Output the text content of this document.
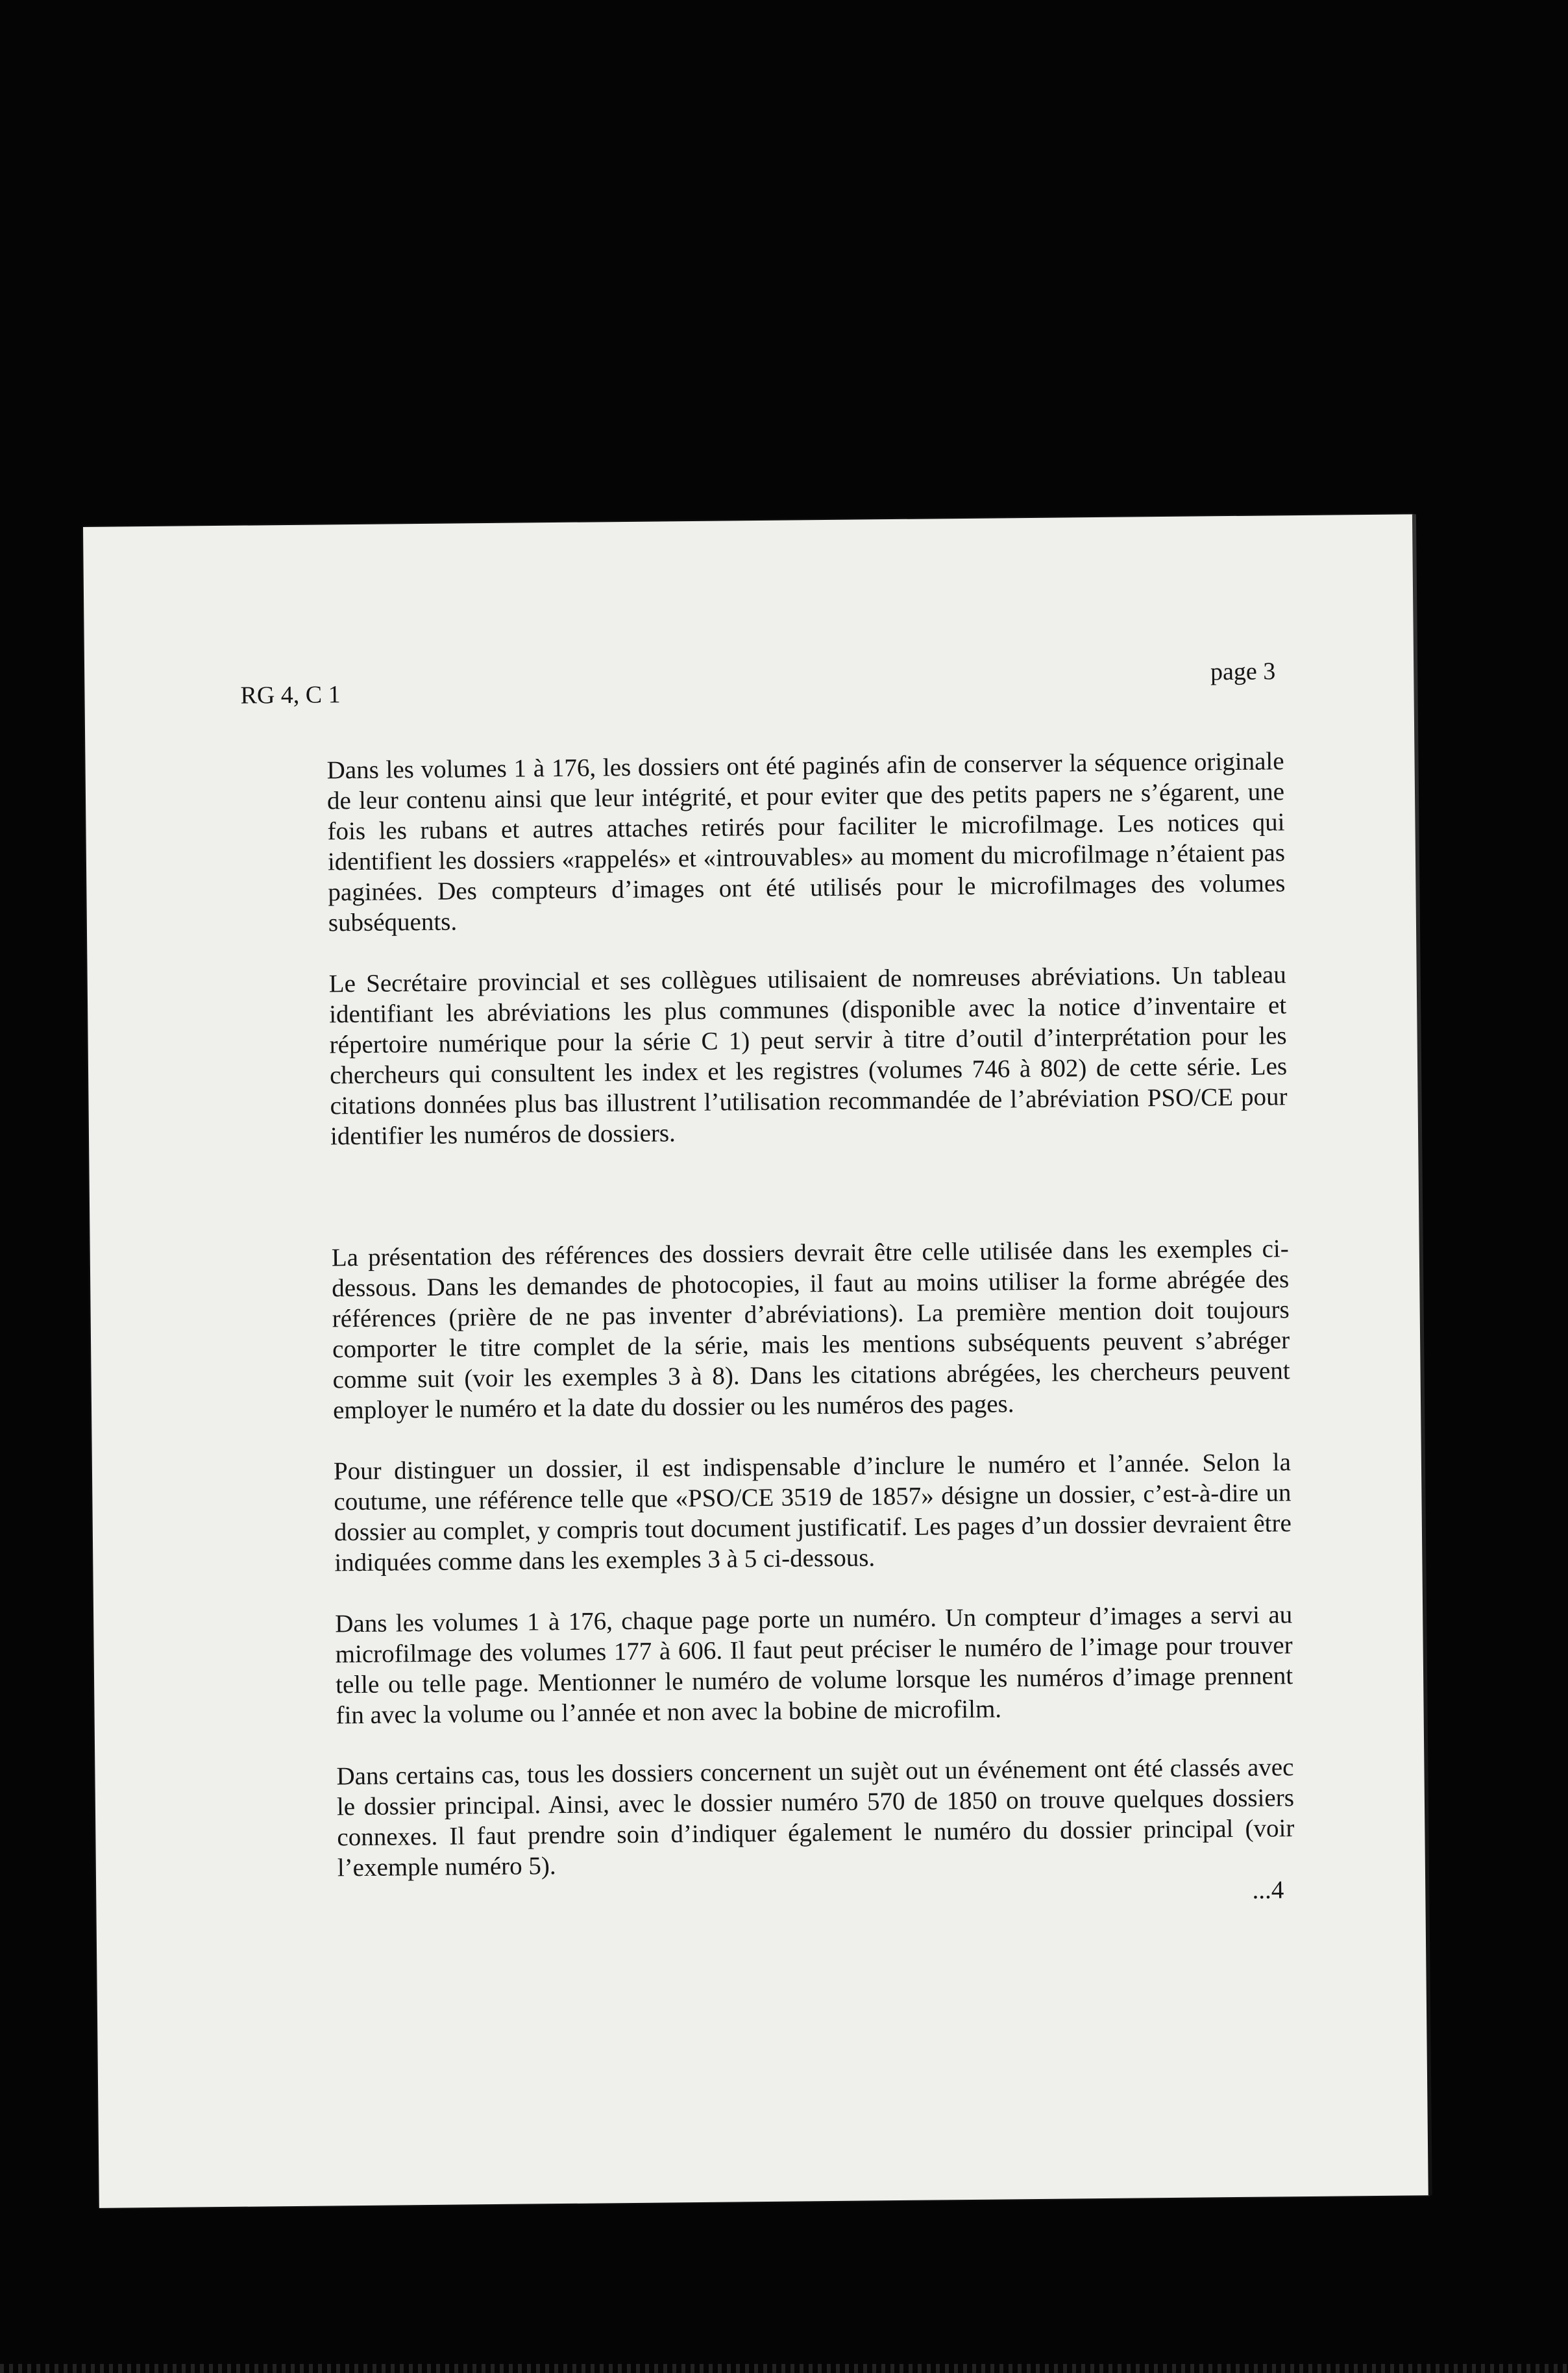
RG 4, C 1
page 3

Dans les volumes 1 à 176, les dossiers ont été paginés afin de conserver la séquence originale de leur contenu ainsi que leur intégrité, et pour eviter que des petits papers ne s’égarent, une fois les rubans et autres attaches retirés pour faciliter le microfilmage. Les notices qui identifient les dossiers «rappelés» et «introuvables» au moment du microfilmage n’étaient pas paginées. Des compteurs d’images ont été utilisés pour le microfilmages des volumes subséquents.

Le Secrétaire provincial et ses collègues utilisaient de nomreuses abréviations. Un tableau identifiant les abréviations les plus communes (disponible avec la notice d’inventaire et répertoire numérique pour la série C 1) peut servir à titre d’outil d’interprétation pour les chercheurs qui consultent les index et les registres (volumes 746 à 802) de cette série. Les citations données plus bas illustrent l’utilisation recommandée de l’abréviation PSO/CE pour identifier les numéros de dossiers.

La présentation des références des dossiers devrait être celle utilisée dans les exemples ci-dessous. Dans les demandes de photocopies, il faut au moins utiliser la forme abrégée des références (prière de ne pas inventer d’abréviations). La première mention doit toujours comporter le titre complet de la série, mais les mentions subséquents peuvent s’abréger comme suit (voir les exemples 3 à 8). Dans les citations abrégées, les chercheurs peuvent employer le numéro et la date du dossier ou les numéros des pages.

Pour distinguer un dossier, il est indispensable d’inclure le numéro et l’année. Selon la coutume, une référence telle que «PSO/CE 3519 de 1857» désigne un dossier, c’est-à-dire un dossier au complet, y compris tout document justificatif. Les pages d’un dossier devraient être indiquées comme dans les exemples 3 à 5 ci-dessous.

Dans les volumes 1 à 176, chaque page porte un numéro. Un compteur d’images a servi au microfilmage des volumes 177 à 606. Il faut peut préciser le numéro de l’image pour trouver telle ou telle page. Mentionner le numéro de volume lorsque les numéros d’image prennent fin avec la volume ou l’année et non avec la bobine de microfilm.

Dans certains cas, tous les dossiers concernent un sujèt out un événement ont été classés avec le dossier principal. Ainsi, avec le dossier numéro 570 de 1850 on trouve quelques dossiers connexes. Il faut prendre soin d’indiquer également le numéro du dossier principal (voir l’exemple numéro 5).

...4
